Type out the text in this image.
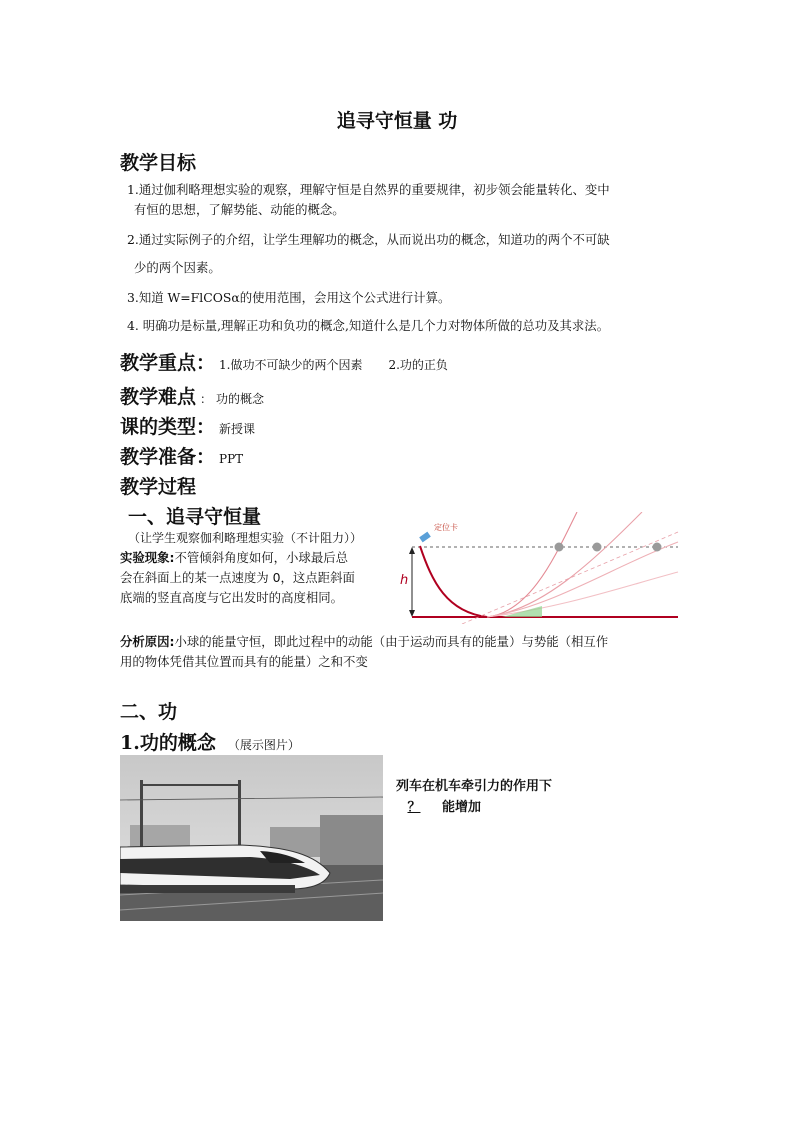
追寻守恒量 功
教学目标
1.通过伽利略理想实验的观察，理解守恒是自然界的重要规律，初步领会能量转化、变中
有恒的思想，了解势能、动能的概念。
2.通过实际例子的介绍，让学生理解功的概念，从而说出功的概念，知道功的两个不可缺
少的两个因素。
3.知道 W=FlCOSα的使用范围，会用这个公式进行计算。
4. 明确功是标量,理解正功和负功的概念,知道什么是几个力对物体所做的总功及其求法。
教学重点： 1.做功不可缺少的两个因素 2.功的正负
教学难点 ： 功的概念
课的类型： 新授课
教学准备： PPT
教学过程
一、追寻守恒量
（让学生观察伽利略理想实验（不计阻力））
实验现象:不管倾斜角度如何，小球最后总
会在斜面上的某一点速度为 0，这点距斜面
底端的竖直高度与它出发时的高度相同。
h
定位卡
分析原因:小球的能量守恒，即此过程中的动能（由于运动而具有的能量）与势能（相互作
用的物体凭借其位置而具有的能量）之和不变
二、功
1.功的概念 （展示图片）
列车在机车牵引力的作用下
？ 能增加
